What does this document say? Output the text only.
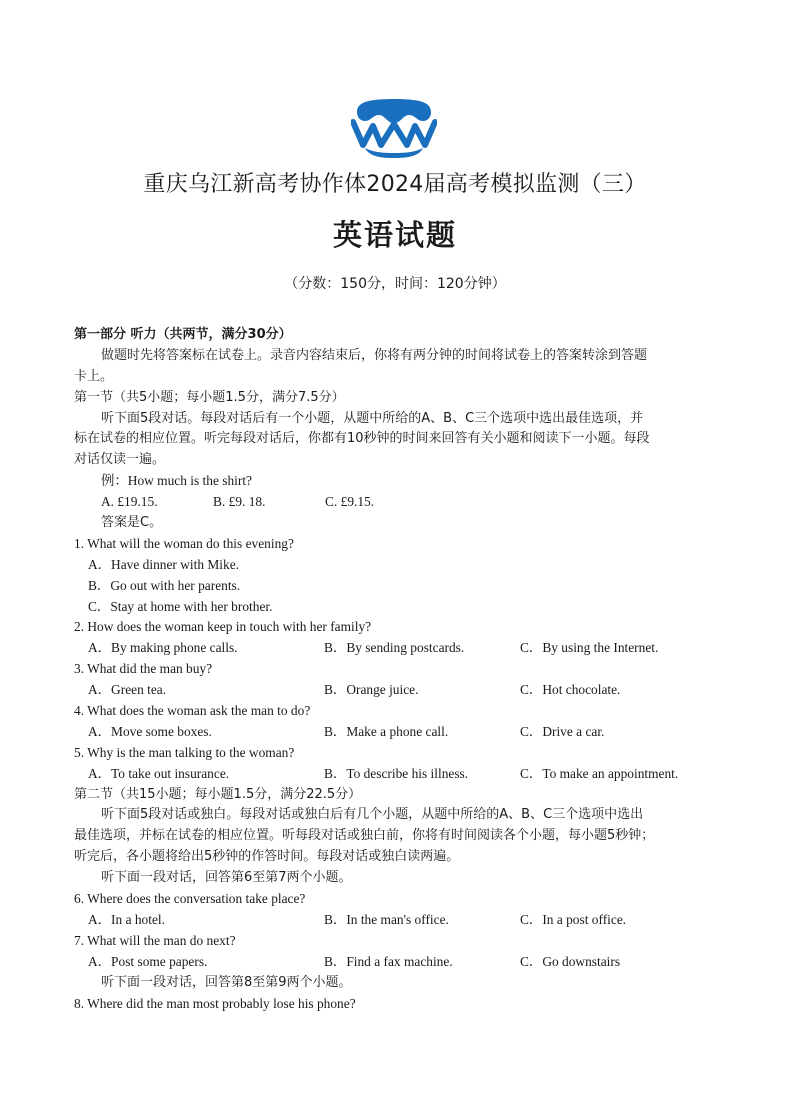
重庆乌江新高考协作体2024届高考模拟监测（三）
英语试题
（分数：150分，时间：120分钟）
第一部分 听力（共两节，满分30分）
做题时先将答案标在试卷上。录音内容结束后，你将有两分钟的时间将试卷上的答案转涂到答题
卡上。
第一节（共5小题；每小题1.5分，满分7.5分）
听下面5段对话。每段对话后有一个小题，从题中所给的A、B、C三个选项中选出最佳选项，并
标在试卷的相应位置。听完每段对话后，你都有10秒钟的时间来回答有关小题和阅读下一小题。每段
对话仅读一遍。
例：How much is the shirt?
A. £19.15.	B. £9. 18.	C. £9.15.
答案是C。
1. What will the woman do this evening?
A．Have dinner with Mike.
B．Go out with her parents.
C．Stay at home with her brother.
2. How does the woman keep in touch with her family?
A．By making phone calls.	B．By sending postcards.	C．By using the Internet.
3. What did the man buy?
A．Green tea.	B．Orange juice.	C．Hot chocolate.
4. What does the woman ask the man to do?
A．Move some boxes.	B．Make a phone call.	C．Drive a car.
5. Why is the man talking to the woman?
A．To take out insurance.	B．To describe his illness.	C．To make an appointment.
第二节（共15小题；每小题1.5分，满分22.5分）
听下面5段对话或独白。每段对话或独白后有几个小题，从题中所给的A、B、C三个选项中选出
最佳选项，并标在试卷的相应位置。听每段对话或独白前，你将有时间阅读各个小题，每小题5秒钟；
听完后，各小题将给出5秒钟的作答时间。每段对话或独白读两遍。
听下面一段对话，回答第6至第7两个小题。
6. Where does the conversation take place?
A．In a hotel.	B．In the man's office.	C．In a post office.
7. What will the man do next?
A．Post some papers.	B．Find a fax machine.	C．Go downstairs
听下面一段对话，回答第8至第9两个小题。
8. Where did the man most probably lose his phone?
